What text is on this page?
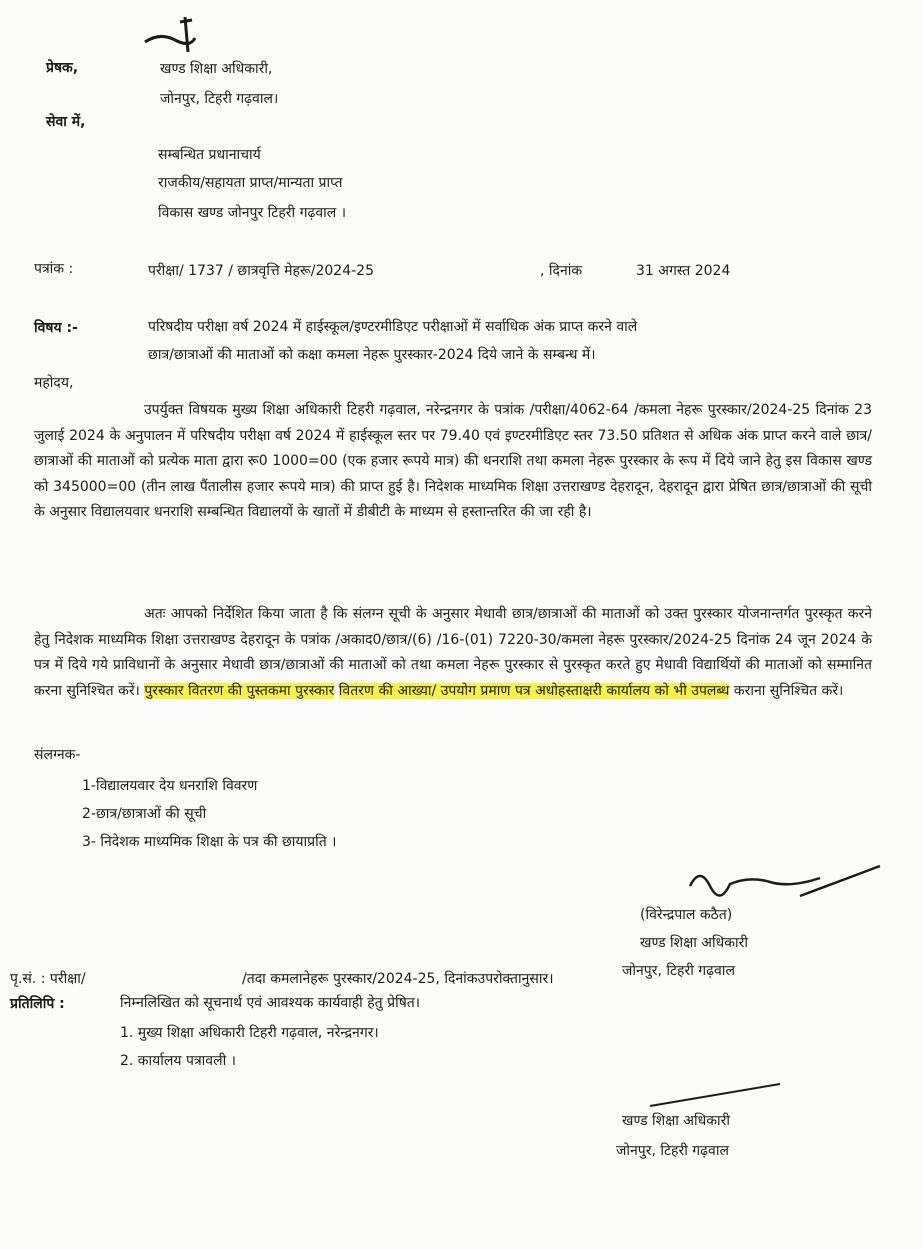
प्रेषक,	खण्ड शिक्षा अधिकारी,
जोनपुर, टिहरी गढ़वाल।
सेवा में,
सम्बन्धित प्रधानाचार्य
राजकीय/सहायता प्राप्त/मान्यता प्राप्त
विकास खण्ड जोनपुर टिहरी गढ़वाल ।
पत्रांक :	परीक्षा/ 1737 / छात्रवृत्ति मेहरू/2024-25	, दिनांक	31 अगस्त 2024
विषय :-	परिषदीय परीक्षा वर्ष 2024 में हाईस्कूल/इण्टरमीडिएट परीक्षाओं में सर्वाधिक अंक प्राप्त करने वाले
छात्र/छात्राओं की माताओं को कक्षा कमला नेहरू पुरस्कार-2024 दिये जाने के सम्बन्ध में।
महोदय,
उपर्युक्त विषयक मुख्य शिक्षा अधिकारी टिहरी गढ़वाल, नरेन्द्रनगर के पत्रांक /परीक्षा/4062-64 /कमला नेहरू पुरस्कार/2024-25 दिनांक 23 जुलाई 2024 के अनुपालन में परिषदीय परीक्षा वर्ष 2024 में हाईस्कूल स्तर पर 79.40 एवं इण्टरमीडिएट स्तर 73.50 प्रतिशत से अधिक अंक प्राप्त करने वाले छात्र/छात्राओं की माताओं को प्रत्येक माता द्वारा रू0 1000=00 (एक हजार रूपये मात्र) की धनराशि तथा कमला नेहरू पुरस्कार के रूप में दिये जाने हेतु इस विकास खण्ड को 345000=00 (तीन लाख पैंतालीस हजार रूपये मात्र) की प्राप्त हुई है। निदेशक माध्यमिक शिक्षा उत्तराखण्ड देहरादून, देहरादून द्वारा प्रेषित छात्र/छात्राओं की सूची के अनुसार विद्यालयवार धनराशि सम्बन्धित विद्यालयों के खातों में डीबीटी के माध्यम से हस्तान्तरित की जा रही है।
अतः आपको निर्देशित किया जाता है कि संलग्न सूची के अनुसार मेधावी छात्र/छात्राओं की माताओं को उक्त पुरस्कार योजनान्तर्गत पुरस्कृत करने हेतु निदेशक माध्यमिक शिक्षा उत्तराखण्ड देहरादून के पत्रांक /अकाद0/छात्र/(6) /16-(01) 7220-30/कमला नेहरू पुरस्कार/2024-25 दिनांक 24 जून 2024 के पत्र में दिये गये प्राविधानों के अनुसार मेधावी छात्र/छात्राओं की माताओं को तथा कमला नेहरू पुरस्कार से पुरस्कृत करते हुए मेधावी विद्यार्थियों की माताओं को सम्मानित करना सुनिश्चित करें। पुरस्कार वितरण की पुस्तकमा पुरस्कार वितरण की आख्या/ उपयोग प्रमाण पत्र अधोहस्ताक्षरी कार्यालय को भी उपलब्ध कराना सुनिश्चित करें।
संलग्नक-
1-विद्यालयवार देय धनराशि विवरण
2-छात्र/छात्राओं की सूची
3- निदेशक माध्यमिक शिक्षा के पत्र की छायाप्रति ।
(विरेन्द्रपाल कठैत)
खण्ड शिक्षा अधिकारी
जोनपुर, टिहरी गढ़वाल
पृ.सं. : परीक्षा/	/तदा कमलानेहरू पुरस्कार/2024-25, दिनांकउपरोक्तानुसार।
प्रतिलिपि :	निम्नलिखित को सूचनार्थ एवं आवश्यक कार्यवाही हेतु प्रेषित।
1. मुख्य शिक्षा अधिकारी टिहरी गढ़वाल, नरेन्द्रनगर।
2. कार्यालय पत्रावली ।
खण्ड शिक्षा अधिकारी
जोनपुर, टिहरी गढ़वाल
